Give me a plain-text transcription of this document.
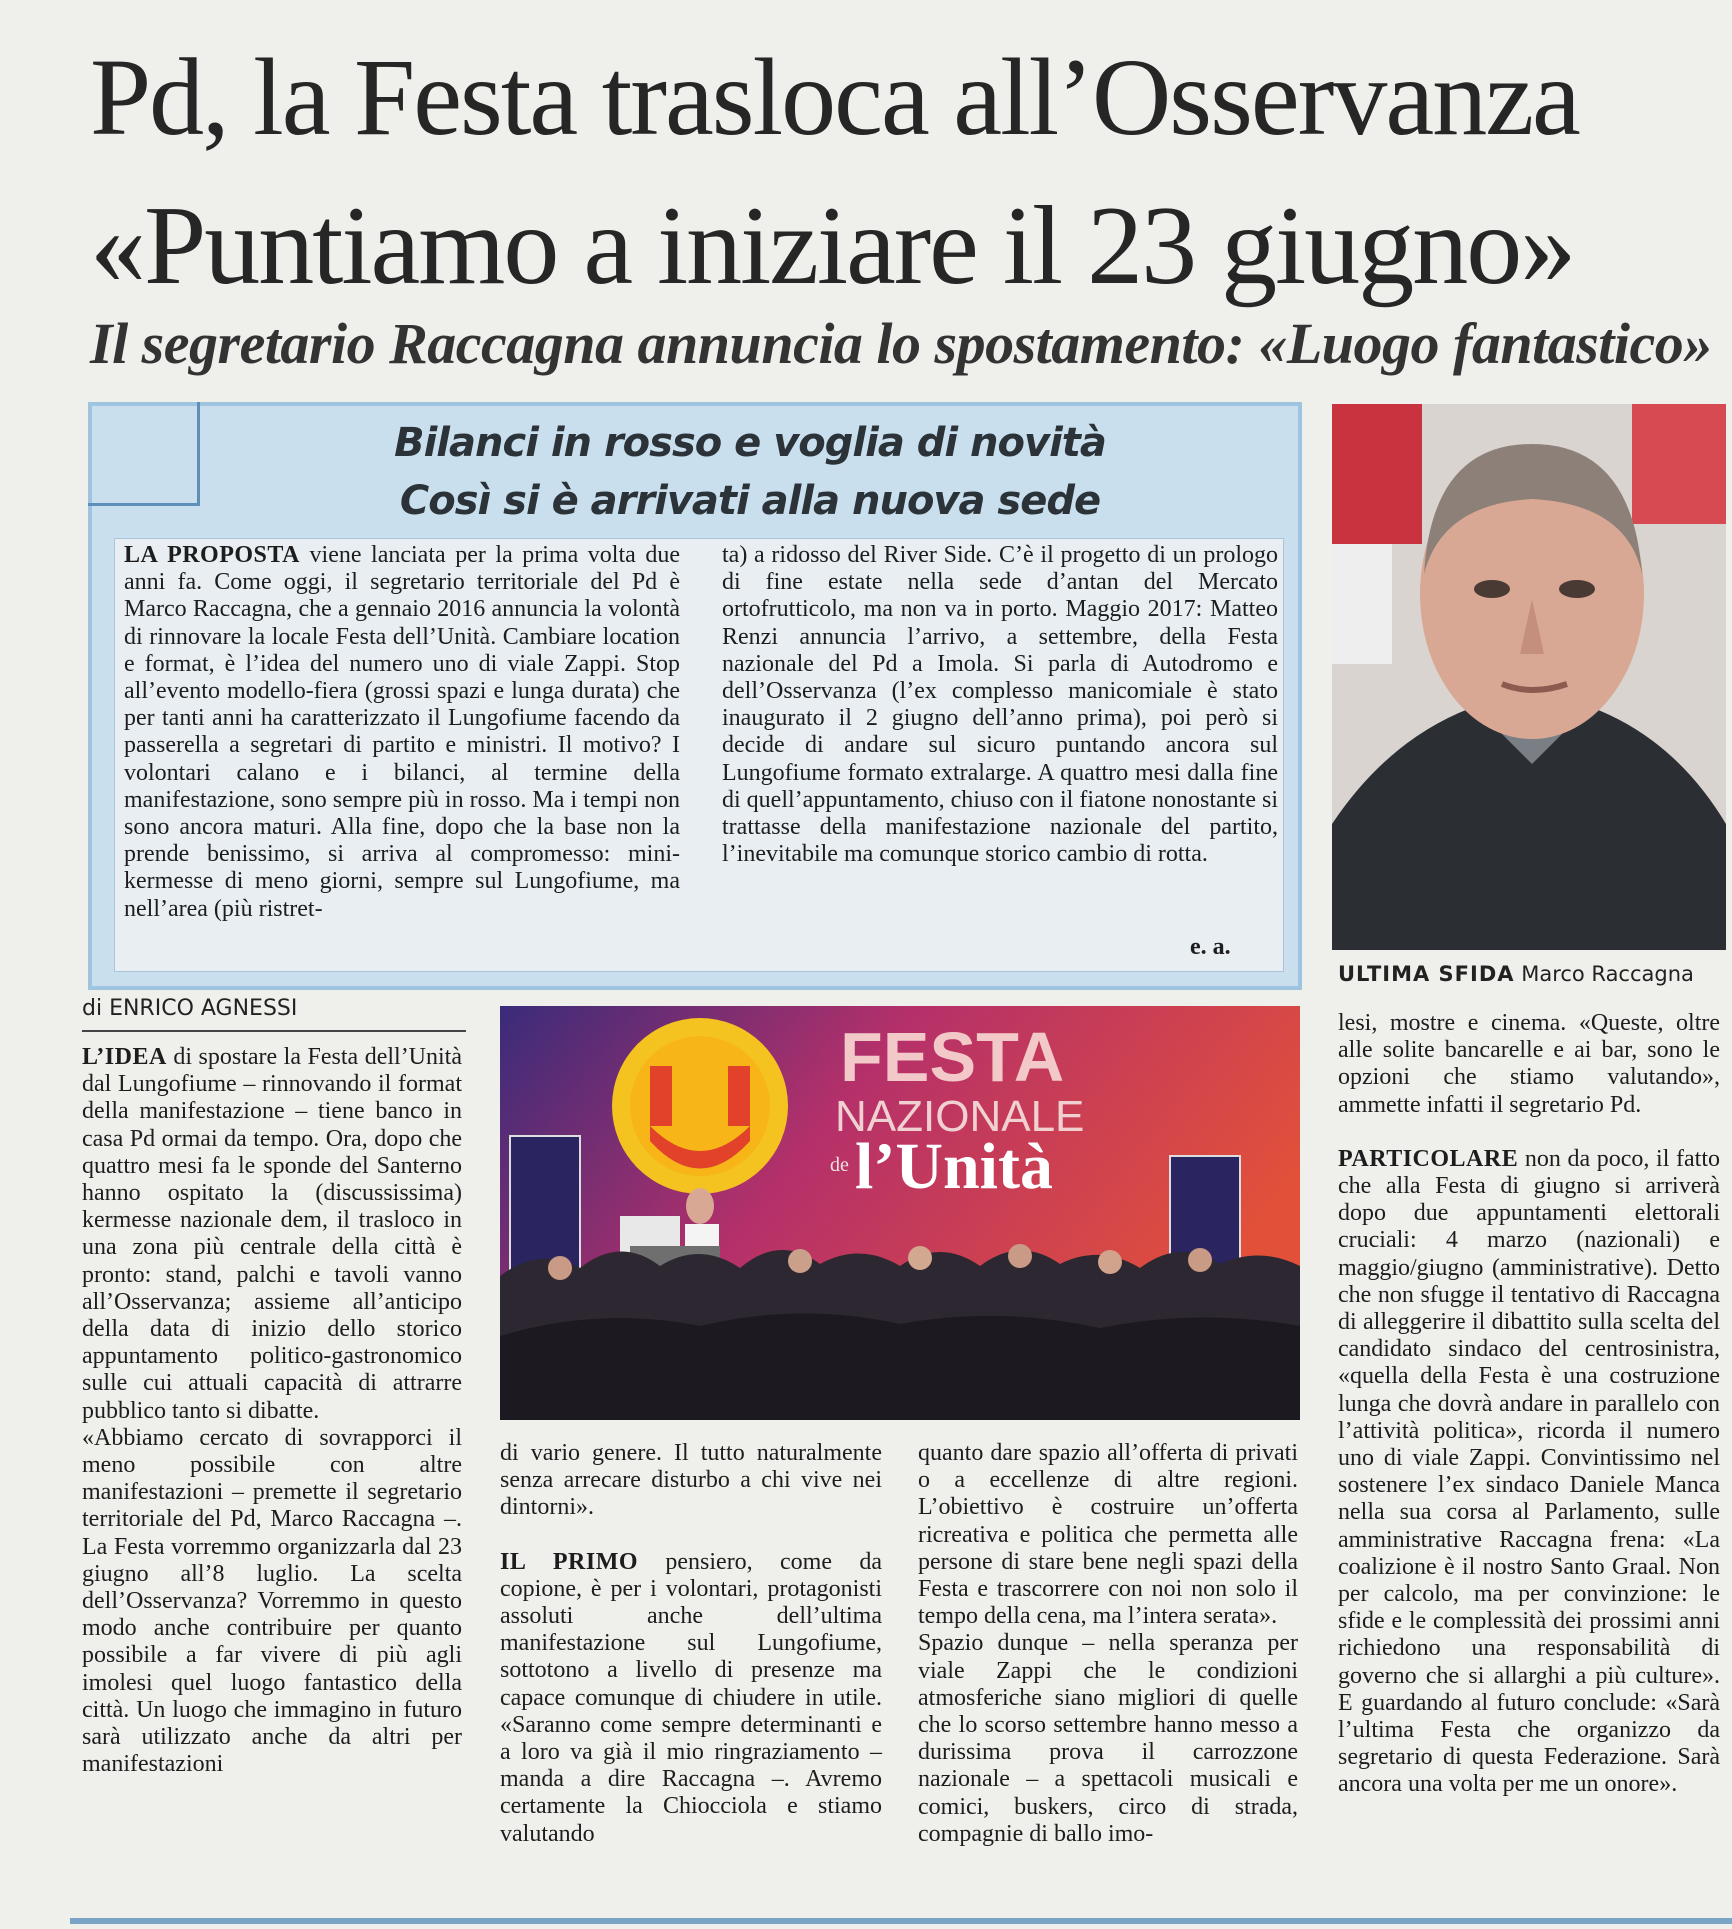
Pd, la Festa trasloca all’Osservanza
«Puntiamo a iniziare il 23 giugno»
Il segretario Raccagna annuncia lo spostamento: «Luogo fantastico»
Bilanci in rosso e voglia di novità
Così si è arrivati alla nuova sede

LA PROPOSTA viene lanciata per la prima volta due anni fa. Come oggi, il segretario territoriale del Pd è Marco Raccagna, che a gennaio 2016 annuncia la volontà di rinnovare la locale Festa dell’Unità. Cambiare location e format, è l’idea del numero uno di viale Zappi. Stop all’evento modello-fiera (grossi spazi e lunga durata) che per tanti anni ha caratterizzato il Lungofiume facendo da passerella a segretari di partito e ministri. Il motivo? I volontari calano e i bilanci, al termine della manifestazione, sono sempre più in rosso. Ma i tempi non sono ancora maturi. Alla fine, dopo che la base non la prende benissimo, si arriva al compromesso: mini-kermesse di meno giorni, sempre sul Lungofiume, ma nell’area (più ristret-

ta) a ridosso del River Side. C’è il progetto di un prologo di fine estate nella sede d’antan del Mercato ortofrutticolo, ma non va in porto. Maggio 2017: Matteo Renzi annuncia l’arrivo, a settembre, della Festa nazionale del Pd a Imola. Si parla di Autodromo e dell’Osservanza (l’ex complesso manicomiale è stato inaugurato il 2 giugno dell’anno prima), poi però si decide di andare sul sicuro puntando ancora sul Lungofiume formato extralarge. A quattro mesi dalla fine di quell’appuntamento, chiuso con il fiatone nonostante si trattasse della manifestazione nazionale del partito, l’inevitabile ma comunque storico cambio di rotta.

e. a.

ULTIMA SFIDA Marco Raccagna

di ENRICO AGNESSI

FESTA
NAZIONALE
de l’Unità

L’IDEA di spostare la Festa dell’Unità dal Lungofiume – rinnovando il format della manifestazione – tiene banco in casa Pd ormai da tempo. Ora, dopo che quattro mesi fa le sponde del Santerno hanno ospitato la (discussissima) kermesse nazionale dem, il trasloco in una zona più centrale della città è pronto: stand, palchi e tavoli vanno all’Osservanza; assieme all’anticipo della data di inizio dello storico appuntamento politico-gastronomico sulle cui attuali capacità di attrarre pubblico tanto si dibatte.

«Abbiamo cercato di sovrapporci il meno possibile con altre manifestazioni – premette il segretario territoriale del Pd, Marco Raccagna –. La Festa vorremmo organizzarla dal 23 giugno all’8 luglio. La scelta dell’Osservanza? Vorremmo in questo modo anche contribuire per quanto possibile a far vivere di più agli imolesi quel luogo fantastico della città. Un luogo che immagino in futuro sarà utilizzato anche da altri per manifestazioni

di vario genere. Il tutto naturalmente senza arrecare disturbo a chi vive nei dintorni».

IL PRIMO pensiero, come da copione, è per i volontari, protagonisti assoluti anche dell’ultima manifestazione sul Lungofiume, sottotono a livello di presenze ma capace comunque di chiudere in utile. «Saranno come sempre determinanti e a loro va già il mio ringraziamento – manda a dire Raccagna –. Avremo certamente la Chiocciola e stiamo valutando

quanto dare spazio all’offerta di privati o a eccellenze di altre regioni. L’obiettivo è costruire un’offerta ricreativa e politica che permetta alle persone di stare bene negli spazi della Festa e trascorrere con noi non solo il tempo della cena, ma l’intera serata».

Spazio dunque – nella speranza per viale Zappi che le condizioni atmosferiche siano migliori di quelle che lo scorso settembre hanno messo a durissima prova il carrozzone nazionale – a spettacoli musicali e comici, buskers, circo di strada, compagnie di ballo imo-

lesi, mostre e cinema. «Queste, oltre alle solite bancarelle e ai bar, sono le opzioni che stiamo valutando», ammette infatti il segretario Pd.

PARTICOLARE non da poco, il fatto che alla Festa di giugno si arriverà dopo due appuntamenti elettorali cruciali: 4 marzo (nazionali) e maggio/giugno (amministrative). Detto che non sfugge il tentativo di Raccagna di alleggerire il dibattito sulla scelta del candidato sindaco del centrosinistra, «quella della Festa è una costruzione lunga che dovrà andare in parallelo con l’attività politica», ricorda il numero uno di viale Zappi. Convintissimo nel sostenere l’ex sindaco Daniele Manca nella sua corsa al Parlamento, sulle amministrative Raccagna frena: «La coalizione è il nostro Santo Graal. Non per calcolo, ma per convinzione: le sfide e le complessità dei prossimi anni richiedono una responsabilità di governo che si allarghi a più culture». E guardando al futuro conclude: «Sarà l’ultima Festa che organizzo da segretario di questa Federazione. Sarà ancora una volta per me un onore».
